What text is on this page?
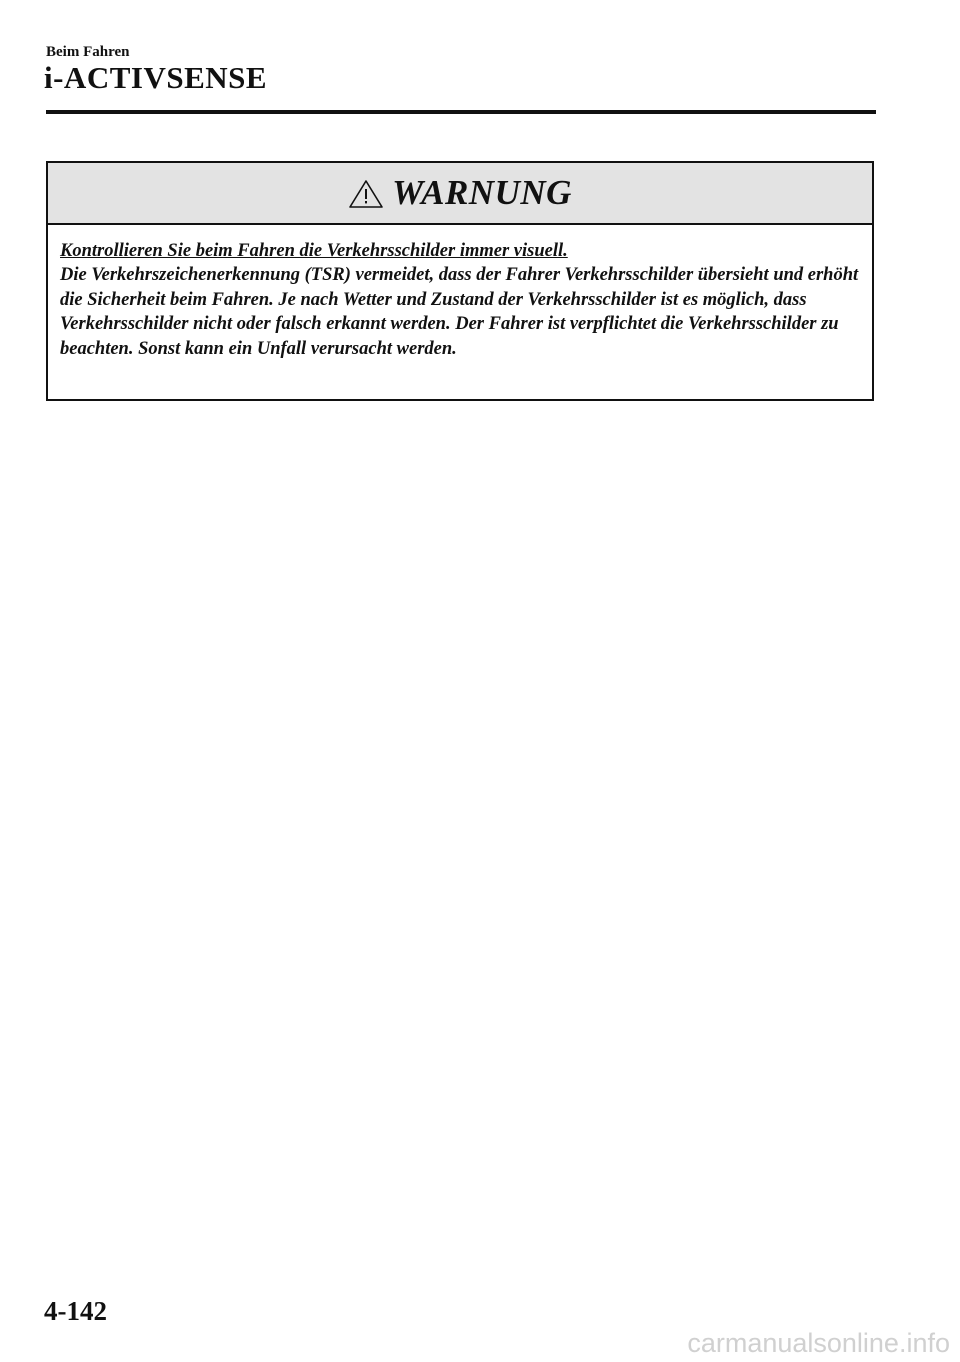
Beim Fahren
i-ACTIVSENSE
WARNUNG

Kontrollieren Sie beim Fahren die Verkehrsschilder immer visuell.

Die Verkehrszeichenerkennung (TSR) vermeidet, dass der Fahrer Verkehrsschilder übersieht und erhöht die Sicherheit beim Fahren. Je nach Wetter und Zustand der Verkehrsschilder ist es möglich, dass Verkehrsschilder nicht oder falsch erkannt werden. Der Fahrer ist verpflichtet die Verkehrsschilder zu beachten. Sonst kann ein Unfall verursacht werden.

4-142
carmanualsonline.info
